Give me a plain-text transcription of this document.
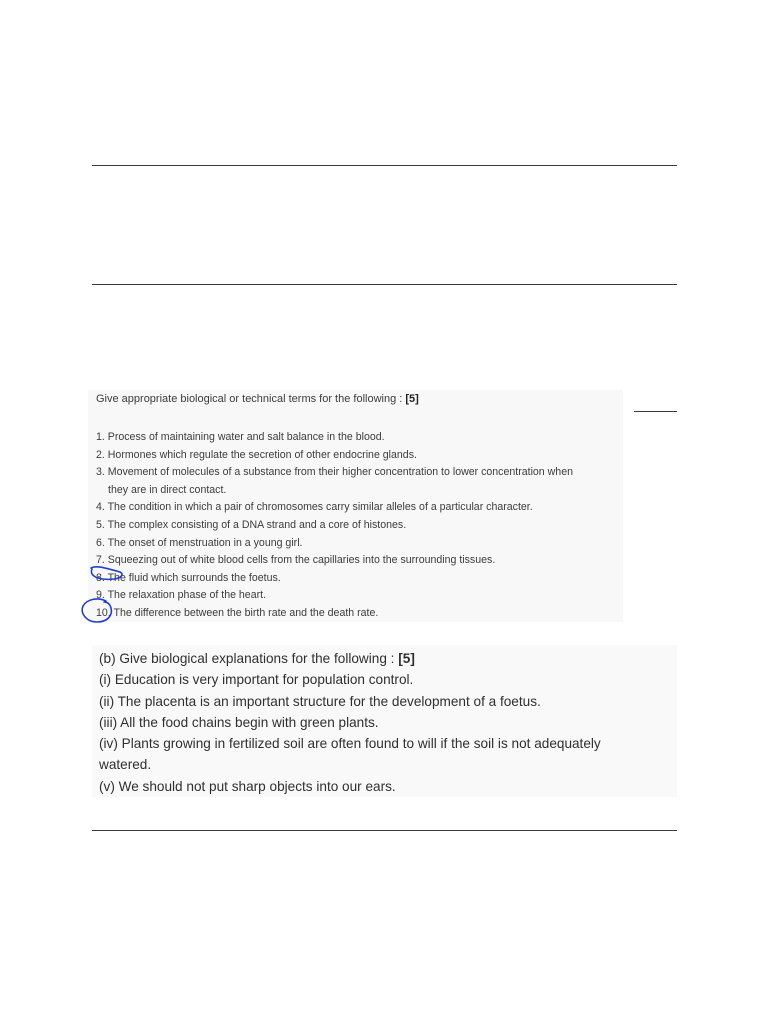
Give appropriate biological or technical terms for the following : [5]
1. Process of maintaining water and salt balance in the blood.
2. Hormones which regulate the secretion of other endocrine glands.
3. Movement of molecules of a substance from their higher concentration to lower concentration when
they are in direct contact.
4. The condition in which a pair of chromosomes carry similar alleles of a particular character.
5. The complex consisting of a DNA strand and a core of histones.
6. The onset of menstruation in a young girl.
7. Squeezing out of white blood cells from the capillaries into the surrounding tissues.
8. The fluid which surrounds the foetus.
9. The relaxation phase of the heart.
10. The difference between the birth rate and the death rate.
(b) Give biological explanations for the following : [5]
(i) Education is very important for population control.
(ii) The placenta is an important structure for the development of a foetus.
(iii) All the food chains begin with green plants.
(iv) Plants growing in fertilized soil are often found to will if the soil is not adequately
watered.
(v) We should not put sharp objects into our ears.
